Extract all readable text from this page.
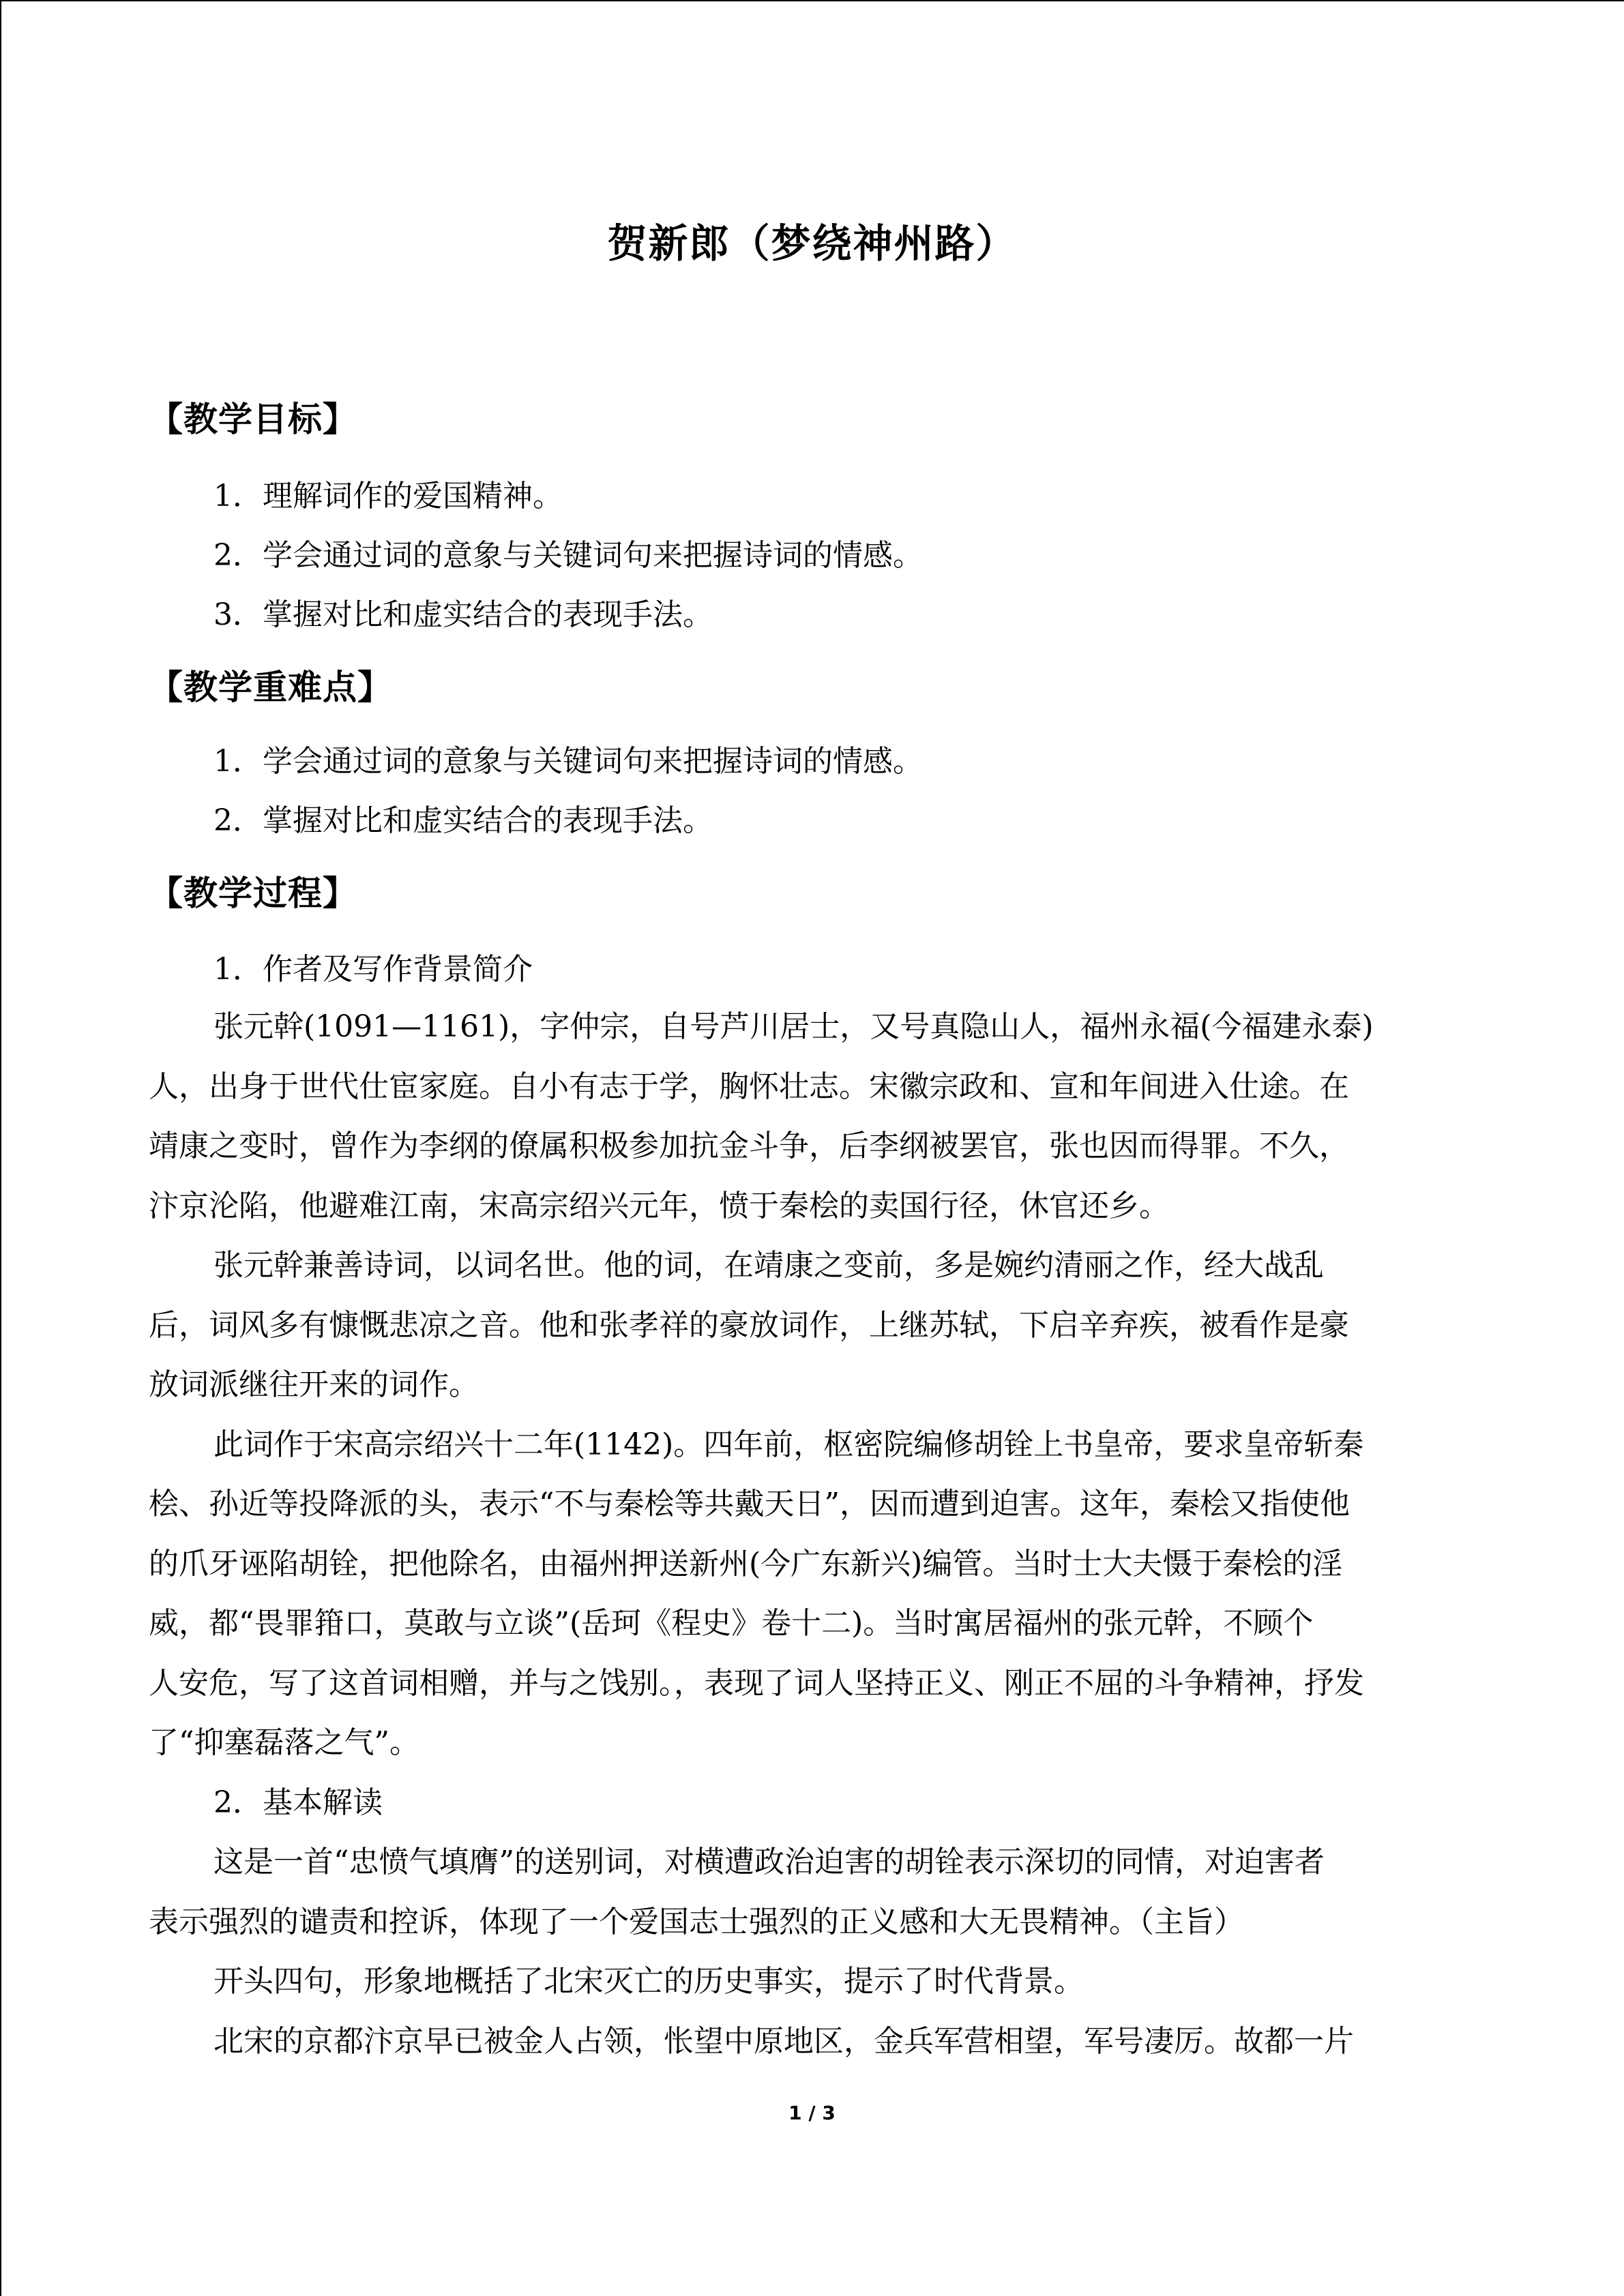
贺新郎（梦绕神州路）
【教学目标】
1．理解词作的爱国精神。
2．学会通过词的意象与关键词句来把握诗词的情感。
3．掌握对比和虚实结合的表现手法。
【教学重难点】
1．学会通过词的意象与关键词句来把握诗词的情感。
2．掌握对比和虚实结合的表现手法。
【教学过程】
1．作者及写作背景简介
张元幹(1091—1161)，字仲宗，自号芦川居士，又号真隐山人，福州永福(今福建永泰)
人，出身于世代仕宦家庭。自小有志于学，胸怀壮志。宋徽宗政和、宣和年间进入仕途。在
靖康之变时，曾作为李纲的僚属积极参加抗金斗争，后李纲被罢官，张也因而得罪。不久，
汴京沦陷，他避难江南，宋高宗绍兴元年，愤于秦桧的卖国行径，休官还乡。
张元幹兼善诗词，以词名世。他的词，在靖康之变前，多是婉约清丽之作，经大战乱
后，词风多有慷慨悲凉之音。他和张孝祥的豪放词作，上继苏轼，下启辛弃疾，被看作是豪
放词派继往开来的词作。
此词作于宋高宗绍兴十二年(1142)。四年前，枢密院编修胡铨上书皇帝，要求皇帝斩秦
桧、孙近等投降派的头，表示“不与秦桧等共戴天日”，因而遭到迫害。这年，秦桧又指使他
的爪牙诬陷胡铨，把他除名，由福州押送新州(今广东新兴)编管。当时士大夫慑于秦桧的淫
威，都“畏罪箝口，莫敢与立谈”(岳珂《程史》卷十二)。当时寓居福州的张元幹，不顾个
人安危，写了这首词相赠，并与之饯别。，表现了词人坚持正义、刚正不屈的斗争精神，抒发
了“抑塞磊落之气”。
2．基本解读
这是一首“忠愤气填膺”的送别词，对横遭政治迫害的胡铨表示深切的同情，对迫害者
表示强烈的谴责和控诉，体现了一个爱国志士强烈的正义感和大无畏精神。（主旨）
开头四句，形象地概括了北宋灭亡的历史事实，提示了时代背景。
北宋的京都汴京早已被金人占领，怅望中原地区，金兵军营相望，军号凄厉。故都一片
1 / 3
